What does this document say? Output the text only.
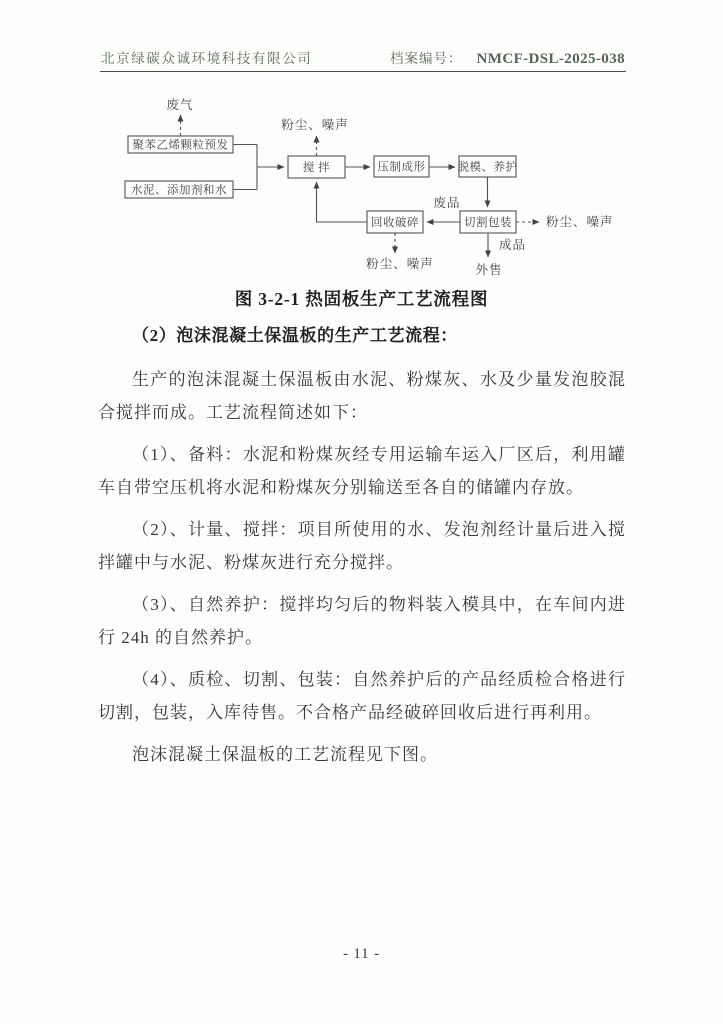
北京绿碳众诚环境科技有限公司	档案编号： NMCF-DSL-2025-038
聚苯乙烯颗粒预发
水泥、添加剂和水
搅 拌	压制成形	脱模、养护
切割包装
回收破碎
废气
粉尘、噪声
废品
粉尘、噪声
粉尘、噪声
成品
外售
图 3-2-1 热固板生产工艺流程图
（2）泡沫混凝土保温板的生产工艺流程：

生产的泡沫混凝土保温板由水泥、粉煤灰、水及少量发泡胶混合搅拌而成。工艺流程简述如下：

（1）、备料：水泥和粉煤灰经专用运输车运入厂区后，利用罐车自带空压机将水泥和粉煤灰分别输送至各自的储罐内存放。

（2）、计量、搅拌：项目所使用的水、发泡剂经计量后进入搅拌罐中与水泥、粉煤灰进行充分搅拌。

（3）、自然养护：搅拌均匀后的物料装入模具中，在车间内进行 24h 的自然养护。

（4）、质检、切割、包装：自然养护后的产品经质检合格进行切割，包装，入库待售。不合格产品经破碎回收后进行再利用。

泡沫混凝土保温板的工艺流程见下图。

- 11 -
